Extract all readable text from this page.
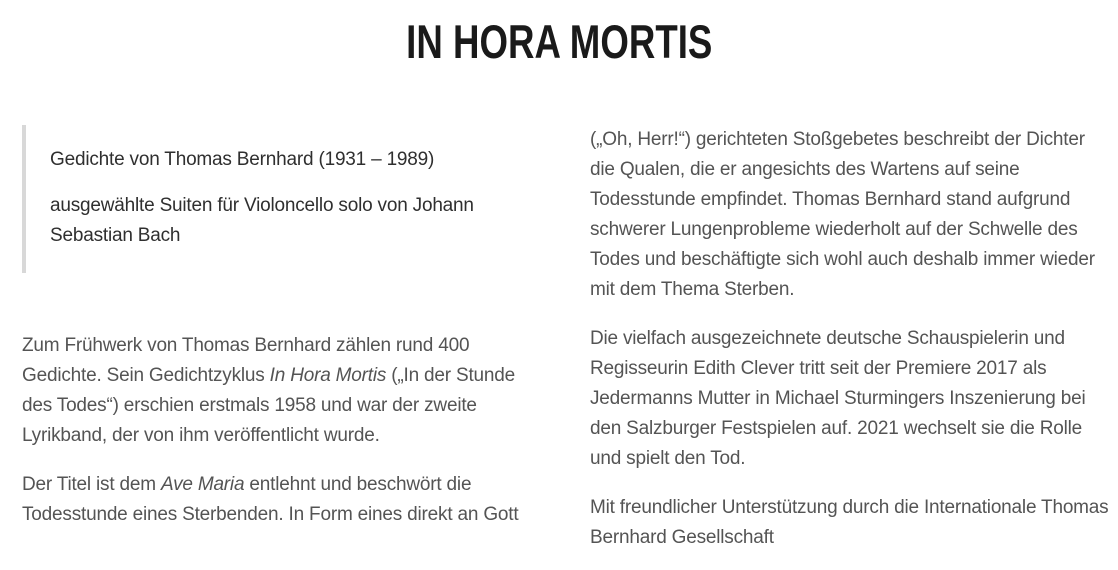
IN HORA MORTIS

Gedichte von Thomas Bernhard (1931 – 1989)

ausgewählte Suiten für Violoncello solo von Johann Sebastian Bach

Zum Frühwerk von Thomas Bernhard zählen rund 400 Gedichte. Sein Gedichtzyklus In Hora Mortis („In der Stunde des Todes“) erschien erstmals 1958 und war der zweite Lyrikband, der von ihm veröffentlicht wurde.

Der Titel ist dem Ave Maria entlehnt und beschwört die Todesstunde eines Sterbenden. In Form eines direkt an Gott

(„Oh, Herr!“) gerichteten Stoßgebetes beschreibt der Dichter die Qualen, die er angesichts des Wartens auf seine Todesstunde empfindet. Thomas Bernhard stand aufgrund schwerer Lungenprobleme wiederholt auf der Schwelle des Todes und beschäftigte sich wohl auch deshalb immer wieder mit dem Thema Sterben.

Die vielfach ausgezeichnete deutsche Schauspielerin und Regisseurin Edith Clever tritt seit der Premiere 2017 als Jedermanns Mutter in Michael Sturmingers Inszenierung bei den Salzburger Festspielen auf. 2021 wechselt sie die Rolle und spielt den Tod.

Mit freundlicher Unterstützung durch die Internationale Thomas Bernhard Gesellschaft
